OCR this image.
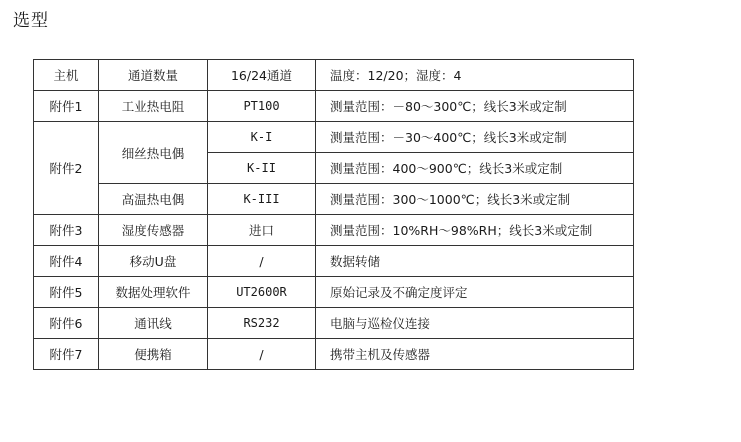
选型
主机	通道数量	16/24通道	温度：12/20；湿度：4
附件1	工业热电阻	PT100	测量范围：－80～300℃；线长3米或定制
附件2	细丝热电偶	K-I	测量范围：－30～400℃；线长3米或定制
		K-II	测量范围：400～900℃；线长3米或定制
	高温热电偶	K-III	测量范围：300～1000℃；线长3米或定制
附件3	湿度传感器	进口	测量范围：10%RH～98%RH；线长3米或定制
附件4	移动U盘	/	数据转储
附件5	数据处理软件	UT2600R	原始记录及不确定度评定
附件6	通讯线	RS232	电脑与巡检仪连接
附件7	便携箱	/	携带主机及传感器
